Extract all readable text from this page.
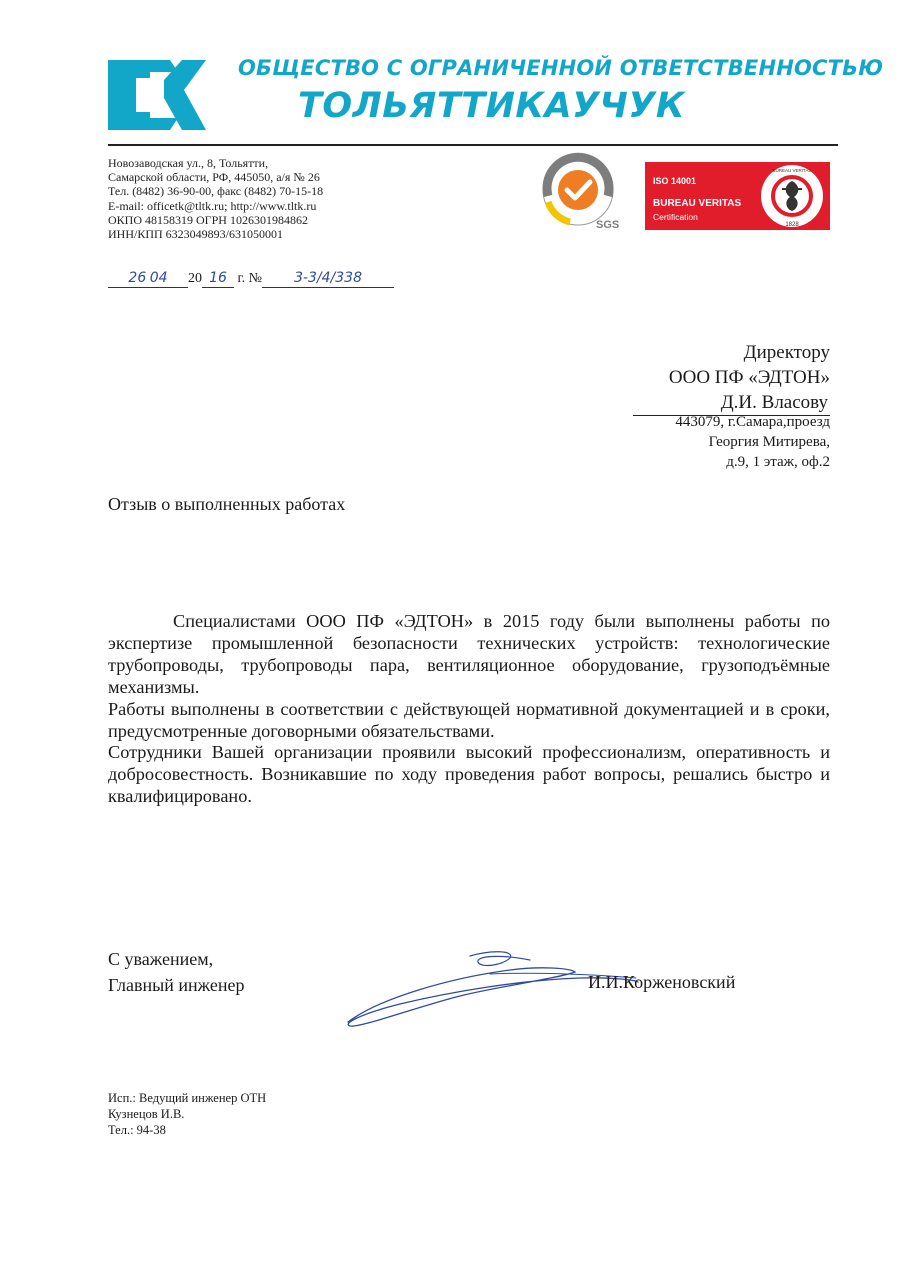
ОБЩЕСТВО С ОГРАНИЧЕННОЙ ОТВЕТСТВЕННОСТЬЮ
ТОЛЬЯТТИКАУЧУК
Новозаводская ул., 8, Тольятти,
Самарской области, РФ, 445050, а/я № 26
Тел. (8482) 36-90-00, факс (8482) 70-15-18
E-mail: officetk@tltk.ru; http://www.tltk.ru
ОКПО 48158319 ОГРН 1026301984862
ИНН/КПП 6323049893/631050001
SGS
ISO 14001
BUREAU VERITAS
Certification
1828
BUREAU VERITAS
26 04 20 16 г. № 3-3/4/338
Директору
ООО ПФ «ЭДТОН»
Д.И. Власову
443079, г.Самара,проезд
Георгия Митирева,
д.9, 1 этаж, оф.2
Отзыв о выполненных работах

Специалистами ООО ПФ «ЭДТОН» в 2015 году были выполнены работы по экспертизе промышленной безопасности технических устройств: технологические трубопроводы, трубопроводы пара, вентиляционное оборудование, грузоподъёмные механизмы.

Работы выполнены в соответствии с действующей нормативной документацией и в сроки, предусмотренные договорными обязательствами.

Сотрудники Вашей организации проявили высокий профессионализм, оперативность и добросовестность. Возникавшие по ходу проведения работ вопросы, решались быстро и квалифицировано.

С уважением,
Главный инженер	И.И.Корженовский
Исп.: Ведущий инженер ОТН
Кузнецов И.В.
Тел.: 94-38
